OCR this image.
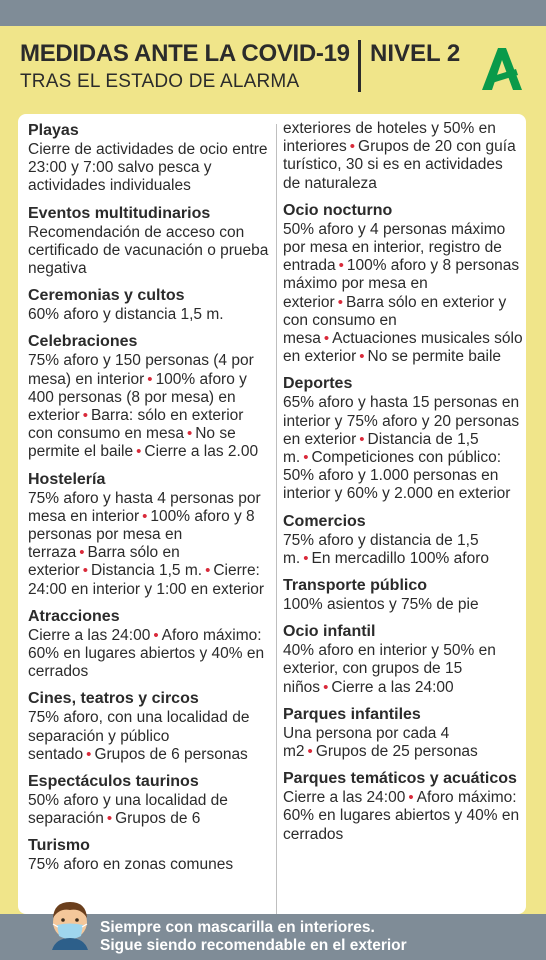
MEDIDAS ANTE LA COVID-19
TRAS EL ESTADO DE ALARMA
NIVEL 2
Playas
Cierre de actividades de ocio entre 23:00 y 7:00 salvo pesca y actividades individuales
Eventos multitudinarios
Recomendación de acceso con certificado de vacunación o prueba negativa
Ceremonias y cultos
60% aforo y distancia 1,5 m.
Celebraciones
75% aforo y 150 personas (4 por mesa) en interior • 100% aforo y 400 personas (8 por mesa) en exterior • Barra: sólo en exterior con consumo en mesa • No se permite el baile • Cierre a las 2.00
Hostelería
75% aforo y hasta 4 personas por mesa en interior • 100% aforo y 8 personas por mesa en terraza • Barra sólo en exterior • Distancia 1,5 m. • Cierre: 24:00 en interior y 1:00 en exterior
Atracciones
Cierre a las 24:00 • Aforo máximo: 60% en lugares abiertos y 40% en cerrados
Cines, teatros y circos
75% aforo, con una localidad de separación y público sentado • Grupos de 6 personas
Espectáculos taurinos
50% aforo y una localidad de separación • Grupos de 6
Turismo
75% aforo en zonas comunes
exteriores de hoteles y 50% en interiores • Grupos de 20 con guía turístico, 30 si es en actividades de naturaleza
Ocio nocturno
50% aforo y 4 personas máximo por mesa en interior, registro de entrada • 100% aforo y 8 personas máximo por mesa en exterior • Barra sólo en exterior y con consumo en mesa • Actuaciones musicales sólo en exterior • No se permite baile
Deportes
65% aforo y hasta 15 personas en interior y 75% aforo y 20 personas en exterior • Distancia de 1,5 m. • Competiciones con público: 50% aforo y 1.000 personas en interior y 60% y 2.000 en exterior
Comercios
75% aforo y distancia de 1,5 m. • En mercadillo 100% aforo
Transporte público
100% asientos y 75% de pie
Ocio infantil
40% aforo en interior y 50% en exterior, con grupos de 15 niños • Cierre a las 24:00
Parques infantiles
Una persona por cada 4 m2 • Grupos de 25 personas
Parques temáticos y acuáticos
Cierre a las 24:00 • Aforo máximo: 60% en lugares abiertos y 40% en cerrados
Siempre con mascarilla en interiores.
Sigue siendo recomendable en el exterior
